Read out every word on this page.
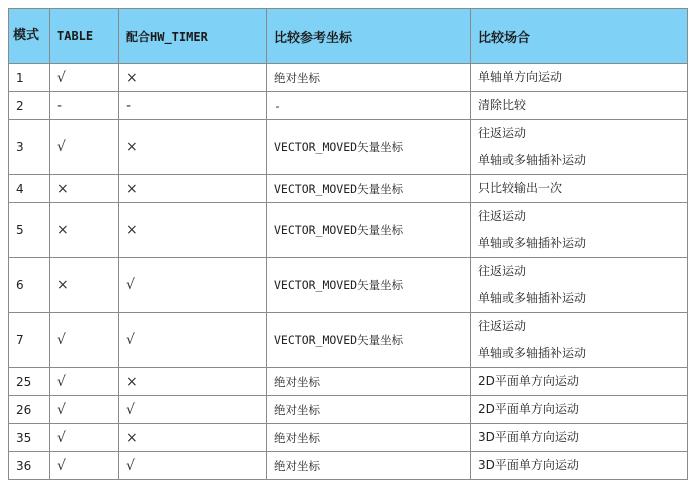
模式	TABLE	配合HW_TIMER	比较参考坐标	比较场合
1	√	×	绝对坐标	单轴单方向运动

2	-	-	-	清除比较

3	√	×	VECTOR_MOVED矢量坐标	往返运动
单轴或多轴插补运动

4	×	×	VECTOR_MOVED矢量坐标	只比较输出一次

5	×	×	VECTOR_MOVED矢量坐标	往返运动
单轴或多轴插补运动

6	×	√	VECTOR_MOVED矢量坐标	往返运动
单轴或多轴插补运动

7	√	√	VECTOR_MOVED矢量坐标	往返运动
单轴或多轴插补运动

25	√	×	绝对坐标	2D平面单方向运动

26	√	√	绝对坐标	2D平面单方向运动

35	√	×	绝对坐标	3D平面单方向运动

36	√	√	绝对坐标	3D平面单方向运动
